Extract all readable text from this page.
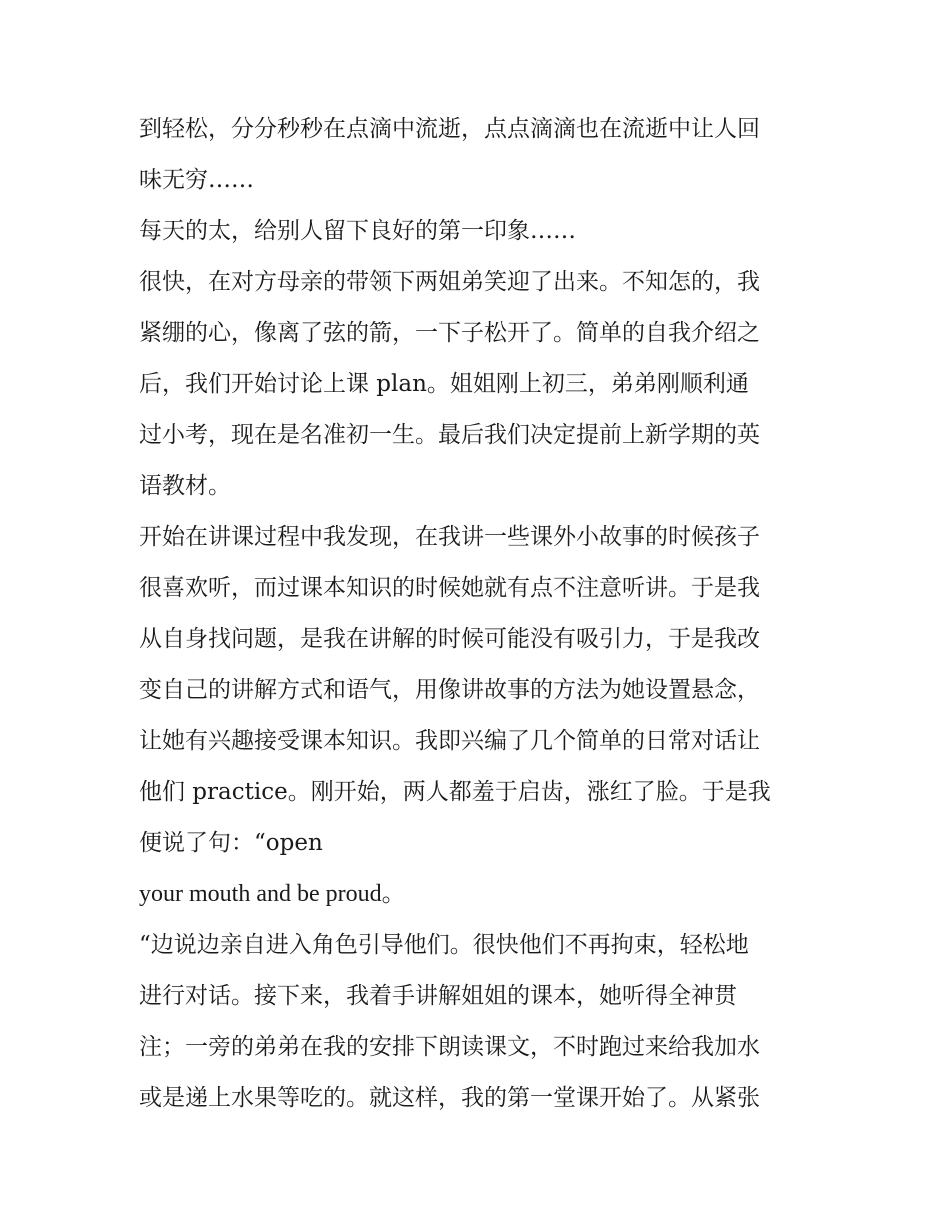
到轻松，分分秒秒在点滴中流逝，点点滴滴也在流逝中让人回
味无穷……
每天的太，给别人留下良好的第一印象……
很快，在对方母亲的带领下两姐弟笑迎了出来。不知怎的，我
紧绷的心，像离了弦的箭，一下子松开了。简单的自我介绍之
后，我们开始讨论上课 plan。姐姐刚上初三，弟弟刚顺利通
过小考，现在是名准初一生。最后我们决定提前上新学期的英
语教材。
开始在讲课过程中我发现，在我讲一些课外小故事的时候孩子
很喜欢听，而过课本知识的时候她就有点不注意听讲。于是我
从自身找问题，是我在讲解的时候可能没有吸引力，于是我改
变自己的讲解方式和语气，用像讲故事的方法为她设置悬念，
让她有兴趣接受课本知识。我即兴编了几个简单的日常对话让
他们 practice。刚开始，两人都羞于启齿，涨红了脸。于是我
便说了句：“open
your mouth and be proud。
“边说边亲自进入角色引导他们。很快他们不再拘束，轻松地
进行对话。接下来，我着手讲解姐姐的课本，她听得全神贯
注；一旁的弟弟在我的安排下朗读课文，不时跑过来给我加水
或是递上水果等吃的。就这样，我的第一堂课开始了。从紧张
